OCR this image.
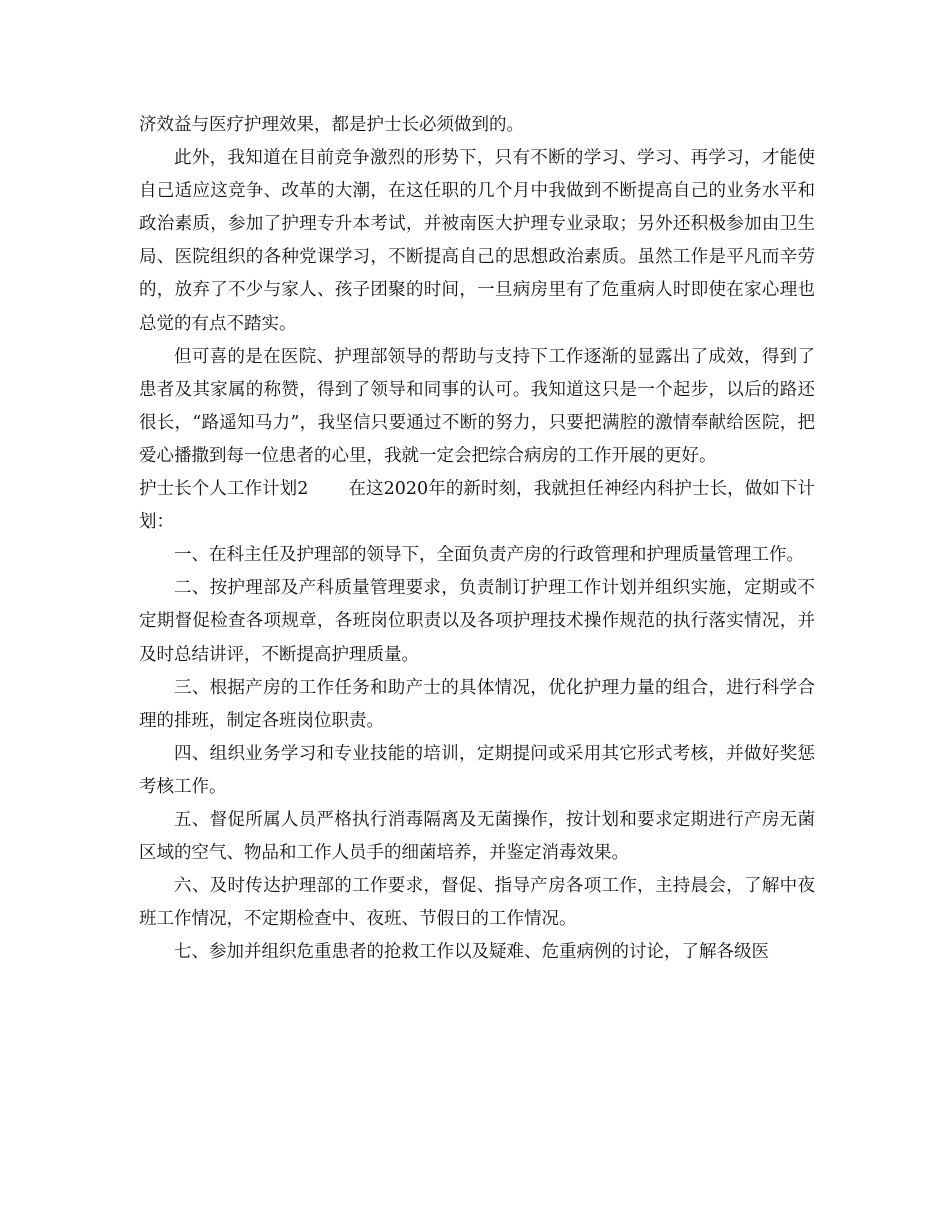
济效益与医疗护理效果，都是护士长必须做到的。

此外，我知道在目前竞争激烈的形势下，只有不断的学习、学习、再学习，才能使自己适应这竞争、改革的大潮，在这任职的几个月中我做到不断提高自己的业务水平和政治素质，参加了护理专升本考试，并被南医大护理专业录取；另外还积极参加由卫生局、医院组织的各种党课学习，不断提高自己的思想政治素质。虽然工作是平凡而辛劳的，放弃了不少与家人、孩子团聚的时间，一旦病房里有了危重病人时即使在家心理也总觉的有点不踏实。

但可喜的是在医院、护理部领导的帮助与支持下工作逐渐的显露出了成效，得到了患者及其家属的称赞，得到了领导和同事的认可。我知道这只是一个起步，以后的路还很长，“路遥知马力”，我坚信只要通过不断的努力，只要把满腔的激情奉献给医院，把爱心播撒到每一位患者的心里，我就一定会把综合病房的工作开展的更好。

护士长个人工作计划2 在这2020年的新时刻，我就担任神经内科护士长，做如下计划：

一、在科主任及护理部的领导下，全面负责产房的行政管理和护理质量管理工作。

二、按护理部及产科质量管理要求，负责制订护理工作计划并组织实施，定期或不定期督促检查各项规章，各班岗位职责以及各项护理技术操作规范的执行落实情况，并及时总结讲评，不断提高护理质量。

三、根据产房的工作任务和助产士的具体情况，优化护理力量的组合，进行科学合理的排班，制定各班岗位职责。

四、组织业务学习和专业技能的培训，定期提问或采用其它形式考核，并做好奖惩考核工作。

五、督促所属人员严格执行消毒隔离及无菌操作，按计划和要求定期进行产房无菌区域的空气、物品和工作人员手的细菌培养，并鉴定消毒效果。

六、及时传达护理部的工作要求，督促、指导产房各项工作，主持晨会，了解中夜班工作情况，不定期检查中、夜班、节假日的工作情况。

七、参加并组织危重患者的抢救工作以及疑难、危重病例的讨论，了解各级医
